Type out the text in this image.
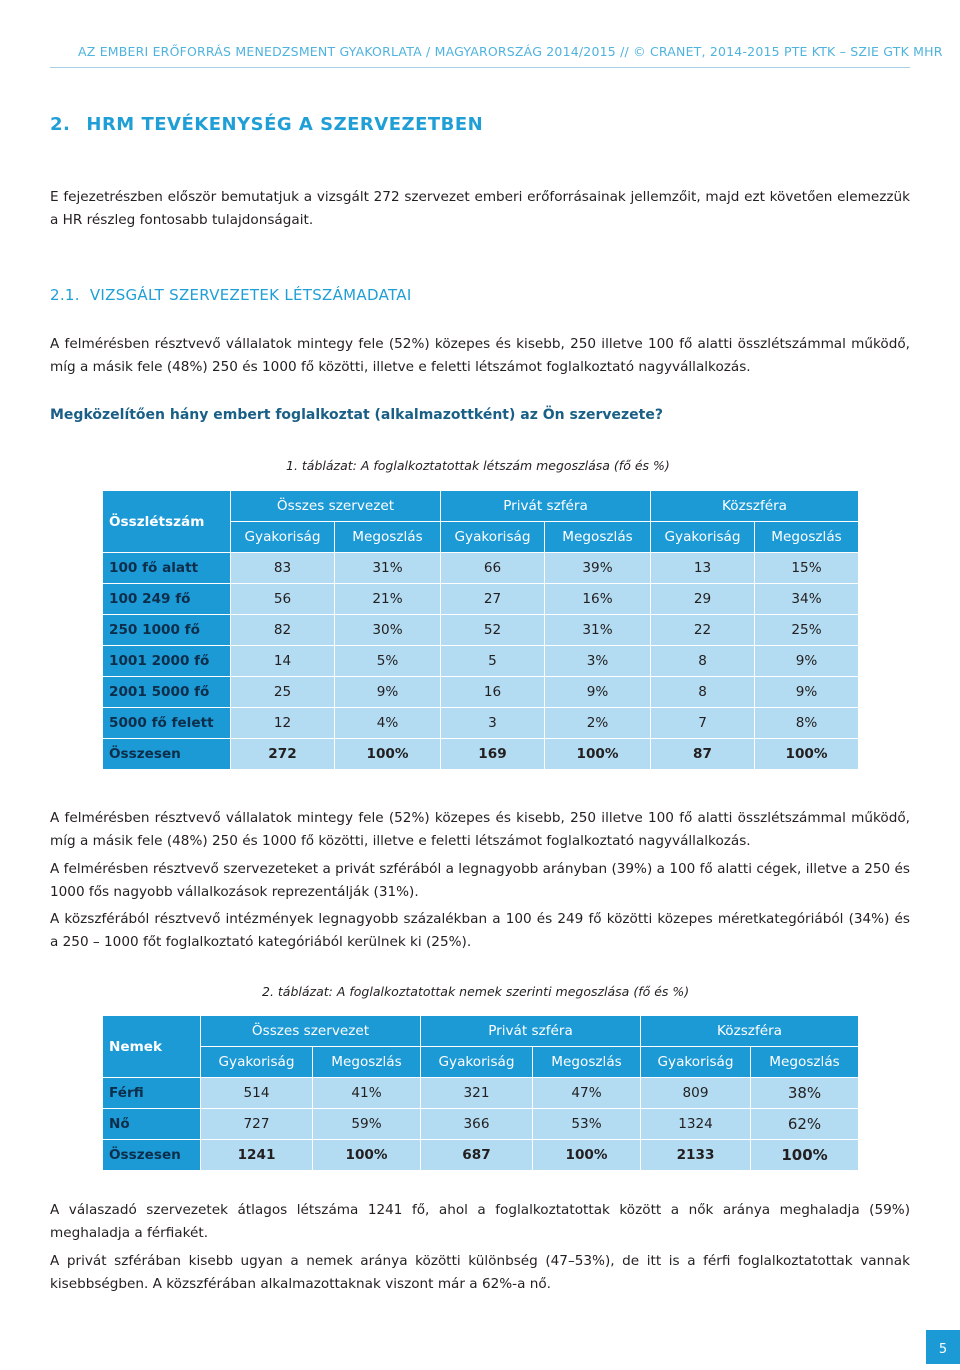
AZ EMBERI ERŐFORRÁS MENEDZSMENT GYAKORLATA / MAGYARORSZÁG 2014/2015 // © CRANET, 2014-2015 PTE KTK – SZIE GTK MHR
2. HRM TEVÉKENYSÉG A SZERVEZETBEN

E fejezetrészben először bemutatjuk a vizsgált 272 szervezet emberi erőforrásainak jellemzőit, majd ezt követően elemezzük a HR részleg fontosabb tulajdonságait.

2.1. VIZSGÁLT SZERVEZETEK LÉTSZÁMADATAI

A felmérésben résztvevő vállalatok mintegy fele (52%) közepes és kisebb, 250 illetve 100 fő alatti összlétszámmal működő, míg a másik fele (48%) 250 és 1000 fő közötti, illetve e feletti létszámot foglalkoztató nagyvállalkozás.

Megközelítően hány embert foglalkoztat (alkalmazottként) az Ön szervezete?
1. táblázat: A foglalkoztatottak létszám megoszlása (fő és %)
Összlétszám	Összes szervezet		Privát szféra		Közszféra	
	Gyakoriság	Megoszlás	Gyakoriság	Megoszlás	Gyakoriság	Megoszlás
100 fő alatt	83	31%	66	39%	13	15%
100 249 fő	56	21%	27	16%	29	34%
250 1000 fő	82	30%	52	31%	22	25%
1001 2000 fő	14	5%	5	3%	8	9%
2001 5000 fő	25	9%	16	9%	8	9%
5000 fő felett	12	4%	3	2%	7	8%
Összesen	272	100%	169	100%	87	100%

A felmérésben résztvevő vállalatok mintegy fele (52%) közepes és kisebb, 250 illetve 100 fő alatti összlétszámmal működő, míg a másik fele (48%) 250 és 1000 fő közötti, illetve e feletti létszámot foglalkoztató nagyvállalkozás.

A felmérésben résztvevő szervezeteket a privát szférából a legnagyobb arányban (39%) a 100 fő alatti cégek, illetve a 250 és 1000 fős nagyobb vállalkozások reprezentálják (31%).

A közszférából résztvevő intézmények legnagyobb százalékban a 100 és 249 fő közötti közepes méretkategóriából (34%) és a 250 – 1000 főt foglalkoztató kategóriából kerülnek ki (25%).

2. táblázat: A foglalkoztatottak nemek szerinti megoszlása (fő és %)
Nemek	Összes szervezet		Privát szféra		Közszféra	
	Gyakoriság	Megoszlás	Gyakoriság	Megoszlás	Gyakoriság	Megoszlás
Férfi	514	41%	321	47%	809	38%
Nő	727	59%	366	53%	1324	62%
Összesen	1241	100%	687	100%	2133	100%

A válaszadó szervezetek átlagos létszáma 1241 fő, ahol a foglalkoztatottak között a nők aránya meghaladja (59%) meghaladja a férfiakét.

A privát szférában kisebb ugyan a nemek aránya közötti különbség (47–53%), de itt is a férfi foglalkoztatottak vannak kisebbségben. A közszférában alkalmazottaknak viszont már a 62%-a nő.

5
